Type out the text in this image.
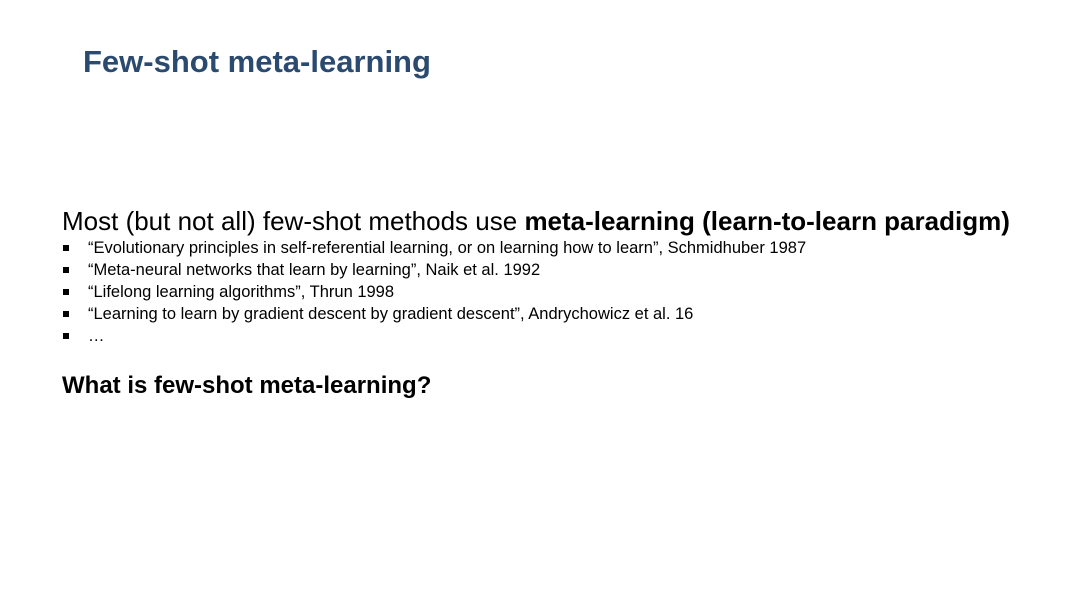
Few-shot meta-learning
Most (but not all) few-shot methods use meta-learning (learn-to-learn paradigm)
“Evolutionary principles in self-referential learning, or on learning how to learn”, Schmidhuber 1987
“Meta-neural networks that learn by learning”, Naik et al. 1992
“Lifelong learning algorithms”, Thrun 1998
“Learning to learn by gradient descent by gradient descent”, Andrychowicz et al. 16
…
What is few-shot meta-learning?
